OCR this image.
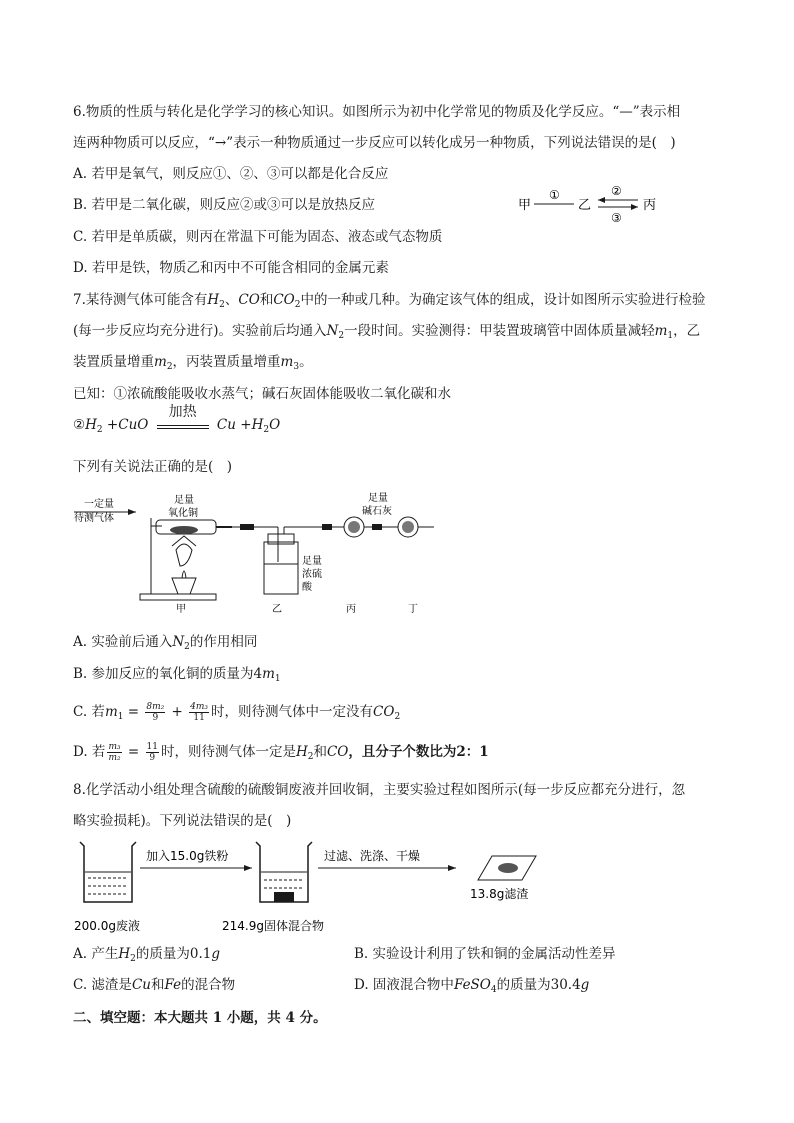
6.物质的性质与转化是化学学习的核心知识。如图所示为初中化学常见的物质及化学反应。“—”表示相
连两种物质可以反应，“→”表示一种物质通过一步反应可以转化成另一种物质，下列说法错误的是(　)
A. 若甲是氧气，则反应①、②、③可以都是化合反应
B. 若甲是二氧化碳，则反应②或③可以是放热反应
C. 若甲是单质碳，则丙在常温下可能为固态、液态或气态物质
D. 若甲是铁，物质乙和丙中不可能含相同的金属元素
甲
①
乙
②
③
丙
7.某待测气体可能含有$H_2$、CO和$CO_2$中的一种或几种。为确定该气体的组成，设计如图所示实验进行检验
(每一步反应均充分进行)。实验前后均通入$N_2$一段时间。实验测得：甲装置玻璃管中固体质量减轻$m_1$，乙
装置质量增重$m_2$，丙装置质量增重$m_3$。
已知：①浓硫酸能吸收水蒸气；碱石灰固体能吸收二氧化碳和水
$②H_2 +CuO$
加热
$Cu +H_2O$
下列有关说法正确的是(　)
一定量
待测气体
足量
氧化铜
甲
足量
浓硫
酸
乙
足量
碱石灰
丙	丁
A. 实验前后通入$N_2$的作用相同
B. 参加反应的氧化铜的质量为$4m_1$
C. 若$m_1 = \frac{\text{8m₂}}{9} + \frac{\text{4m₃}}{11}$ 时，则待测气体中一定没有$CO_2$
D. 若 $\frac{\text{m₃}}{\text{m₂}} = \frac{11}{9}$ 时，则待测气体一定是$H_2$和CO，且分子个数比为2：1
8.化学活动小组处理含硫酸的硫酸铜废液并回收铜，主要实验过程如图所示(每一步反应都充分进行，忽
略实验损耗)。下列说法错误的是(　)
200.0g废液
加入15.0g铁粉
214.9g固体混合物
过滤、洗涤、干燥
13.8g滤渣
A. 产生$H_2$的质量为0.1g	B. 实验设计利用了铁和铜的金属活动性差异
C. 滤渣是Cu和Fe的混合物	D. 固液混合物中FeSO$_4$的质量为30.4g
二、填空题：本大题共 1 小题，共 4 分。
